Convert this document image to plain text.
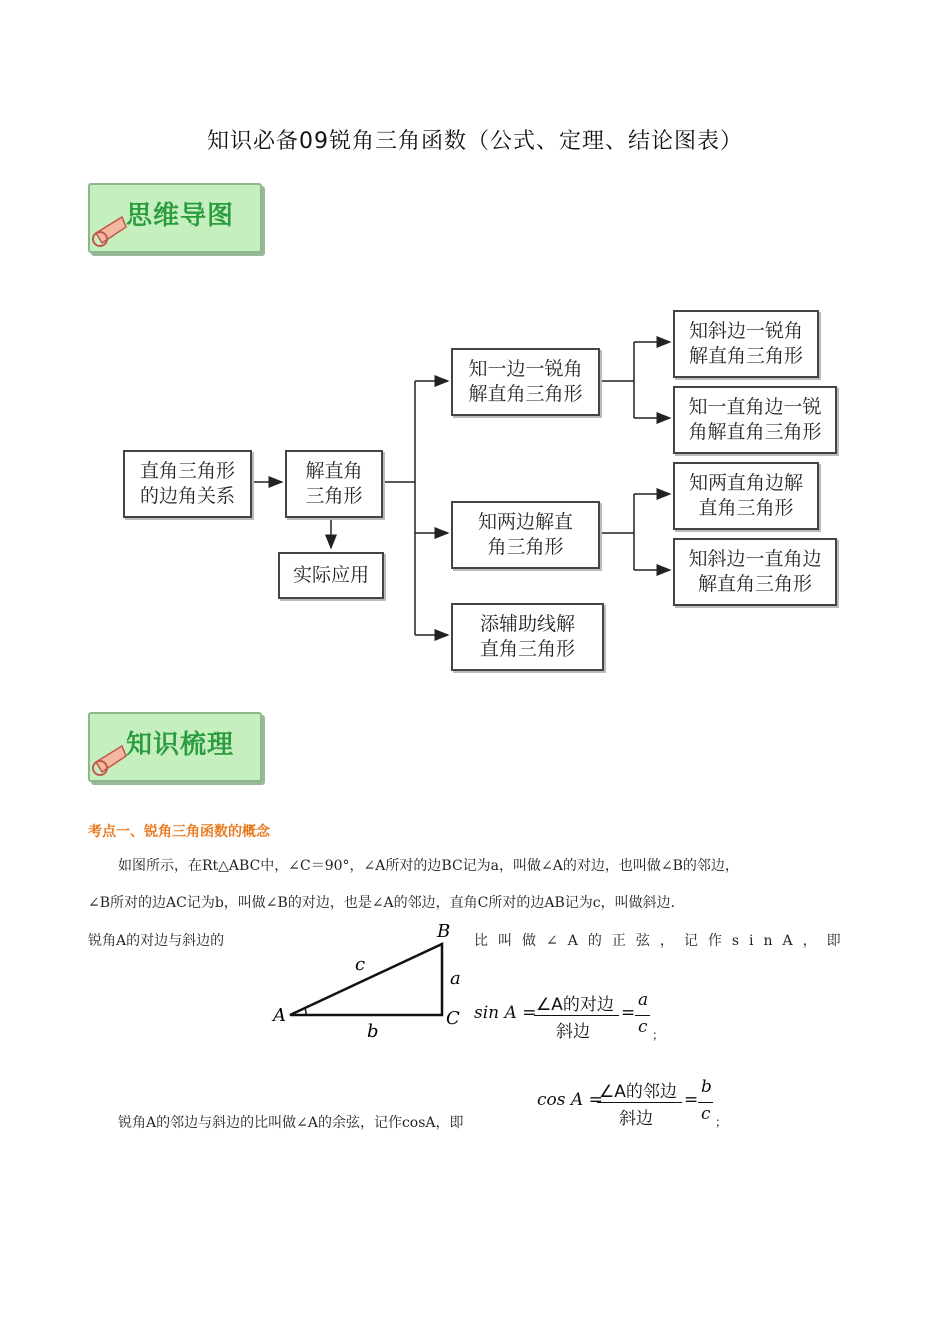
知识必备09锐角三角函数（公式、定理、结论图表）
思维导图
直角三角形
的边角关系
解直角
三角形
实际应用
知一边一锐角
解直角三角形
知两边解直
角三角形
添辅助线解
直角三角形
知斜边一锐角
解直角三角形
知一直角边一锐
角解直角三角形
知两直角边解
直角三角形
知斜边一直角边
解直角三角形
知识梳理
考点一、锐角三角函数的概念
如图所示，在Rt△ABC中，∠C＝90°，∠A所对的边BC记为a，叫做∠A的对边，也叫做∠B的邻边，
∠B所对的边AC记为b，叫做∠B的对边，也是∠A的邻边，直角C所对的边AB记为c，叫做斜边.
锐角A的对边与斜边的	比叫做∠A的正弦，记作sinA，即
A
B
C
a
b
c
sin A = ∠A的对边
斜边
=
a
c ；
锐角A的邻边与斜边的比叫做∠A的余弦，记作cosA，即
cos A =
∠A的邻边
斜边
=
b
c ；
